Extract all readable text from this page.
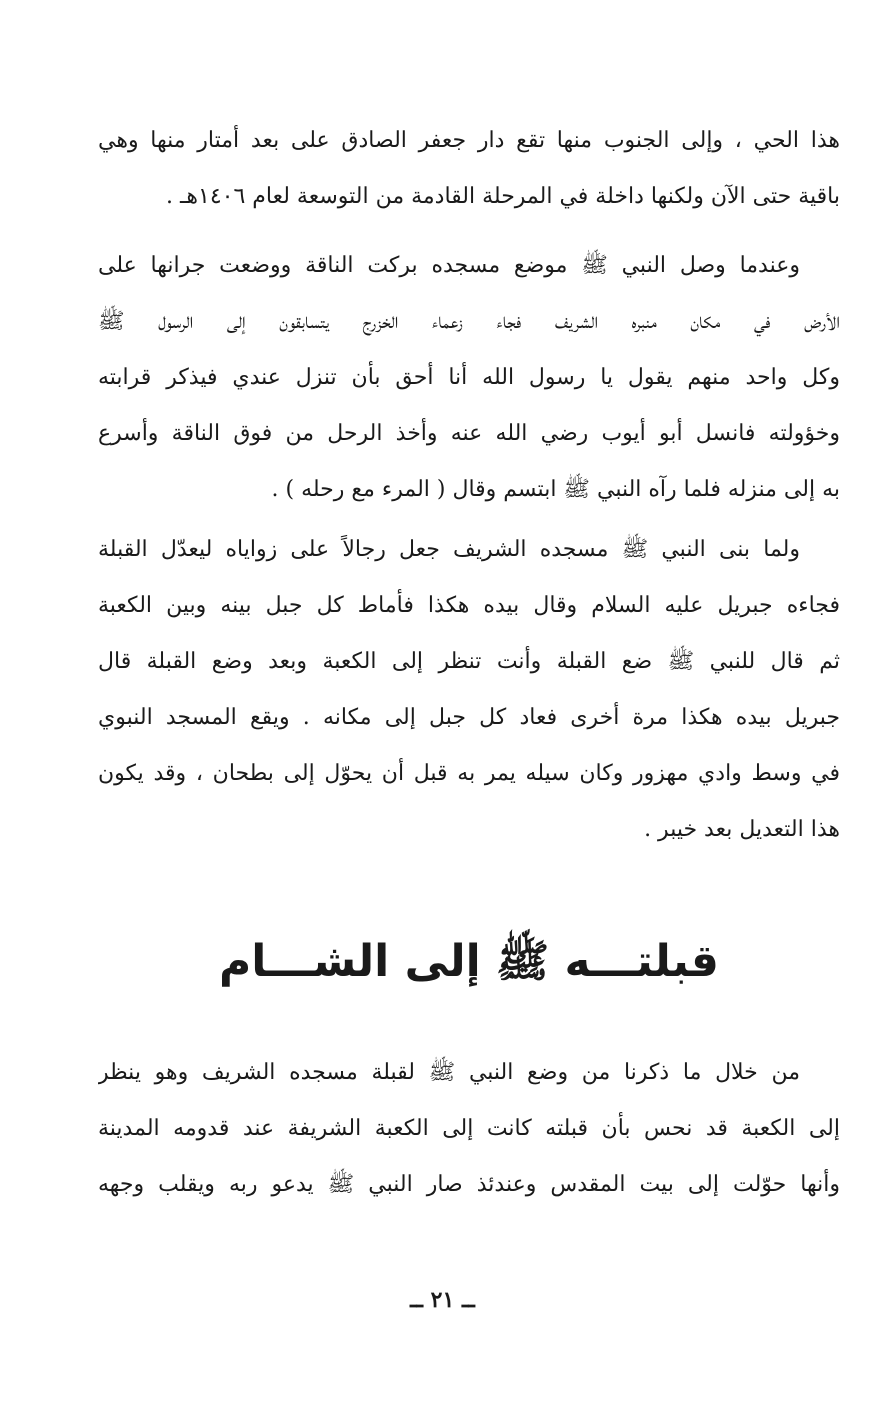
هذا الحي ، وإلى الجنوب منها تقع دار جعفر الصادق على بعد أمتار منها وهي
باقية حتى الآن ولكنها داخلة في المرحلة القادمة من التوسعة لعام ١٤٠٦هـ .
وعندما وصل النبي ﷺ موضع مسجده بركت الناقة ووضعت جرانها على
الأرض في مكان منبره الشريف فجاء زعماء الخزرج يتسابقون إلى الرسول ﷺ
وكل واحد منهم يقول يا رسول الله أنا أحق بأن تنزل عندي فيذكر قرابته
وخؤولته فانسل أبو أيوب رضي الله عنه وأخذ الرحل من فوق الناقة وأسرع
به إلى منزله فلما رآه النبي ﷺ ابتسم وقال ( المرء مع رحله ) .
ولما بنى النبي ﷺ مسجده الشريف جعل رجالاً على زواياه ليعدّل القبلة
فجاءه جبريل عليه السلام وقال بيده هكذا فأماط كل جبل بينه وبين الكعبة
ثم قال للنبي ﷺ ضع القبلة وأنت تنظر إلى الكعبة وبعد وضع القبلة قال
جبريل بيده هكذا مرة أخرى فعاد كل جبل إلى مكانه . ويقع المسجد النبوي
في وسط وادي مهزور وكان سيله يمر به قبل أن يحوّل إلى بطحان ، وقد يكون
هذا التعديل بعد خيبر .
قبلتـــه ﷺ إلى الشـــام
من خلال ما ذكرنا من وضع النبي ﷺ لقبلة مسجده الشريف وهو ينظر
إلى الكعبة قد نحس بأن قبلته كانت إلى الكعبة الشريفة عند قدومه المدينة
وأنها حوّلت إلى بيت المقدس وعندئذ صار النبي ﷺ يدعو ربه ويقلب وجهه
ــ ٢١ ــ
